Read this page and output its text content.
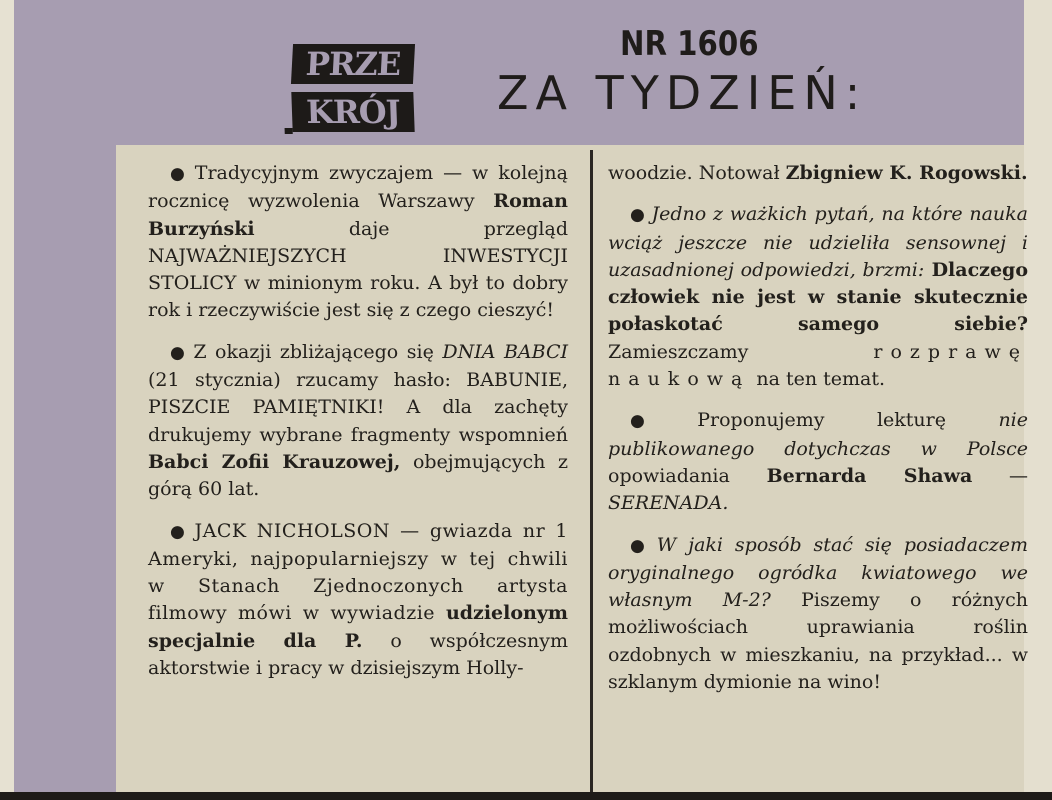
PRZE
KRÓJ
NR 1606
ZA TYDZIEŃ:

● Tradycyjnym zwyczajem — w kolejną rocznicę wyzwolenia Warszawy Roman Burzyński daje przegląd NAJWAŻNIEJSZYCH INWESTYCJI STOLICY w minionym roku. A był to dobry rok i rzeczywiście jest się z czego cieszyć!

● Z okazji zbliżającego się DNIA BABCI (21 stycznia) rzucamy hasło: BABUNIE, PISZCIE PAMIĘTNIKI! A dla zachęty drukujemy wybrane fragmenty wspomnień Babci Zofii Krauzowej, obejmujących z górą 60 lat.

● JACK NICHOLSON — gwiazda nr 1 Ameryki, najpopularniejszy w tej chwili w Stanach Zjednoczonych artysta filmowy mówi w wywiadzie udzielonym specjalnie dla P. o współczesnym aktorstwie i pracy w dzisiejszym Holly-

woodzie. Notował Zbigniew K. Rogowski.

● Jedno z ważkich pytań, na które nauka wciąż jeszcze nie udzieliła sensownej i uzasadnionej odpowiedzi, brzmi: Dlaczego człowiek nie jest w stanie skutecznie połaskotać samego siebie? Zamieszczamy rozprawę naukową na ten temat.

● Proponujemy lekturę nie publikowanego dotychczas w Polsce opowiadania Bernarda Shawa — SERENADA.

● W jaki sposób stać się posiadaczem oryginalnego ogródka kwiatowego we własnym M-2? Piszemy o różnych możliwościach uprawiania roślin ozdobnych w mieszkaniu, na przykład... w szklanym dymionie na wino!
